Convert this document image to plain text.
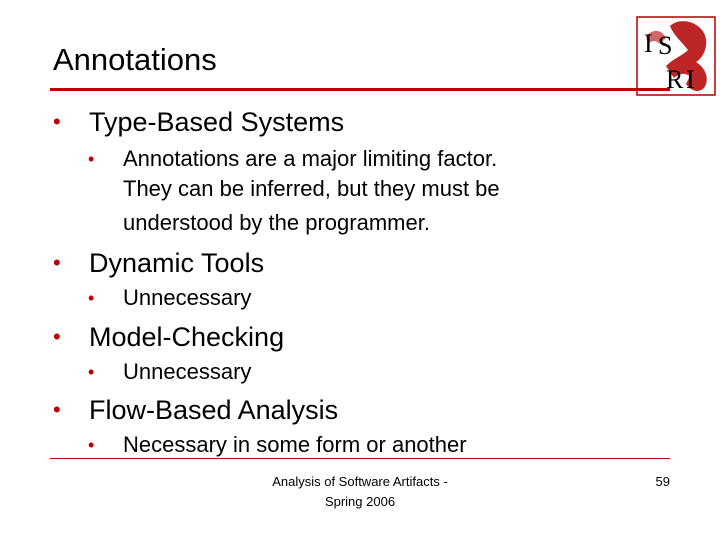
Annotations	I S
R I
• Type-Based Systems
• Annotations are a major limiting factor.
They can be inferred, but they must be
understood by the programmer.
• Dynamic Tools
• Unnecessary
• Model-Checking
• Unnecessary
• Flow-Based Analysis
• Necessary in some form or another
Analysis of Software Artifacts -
Spring 2006
59
